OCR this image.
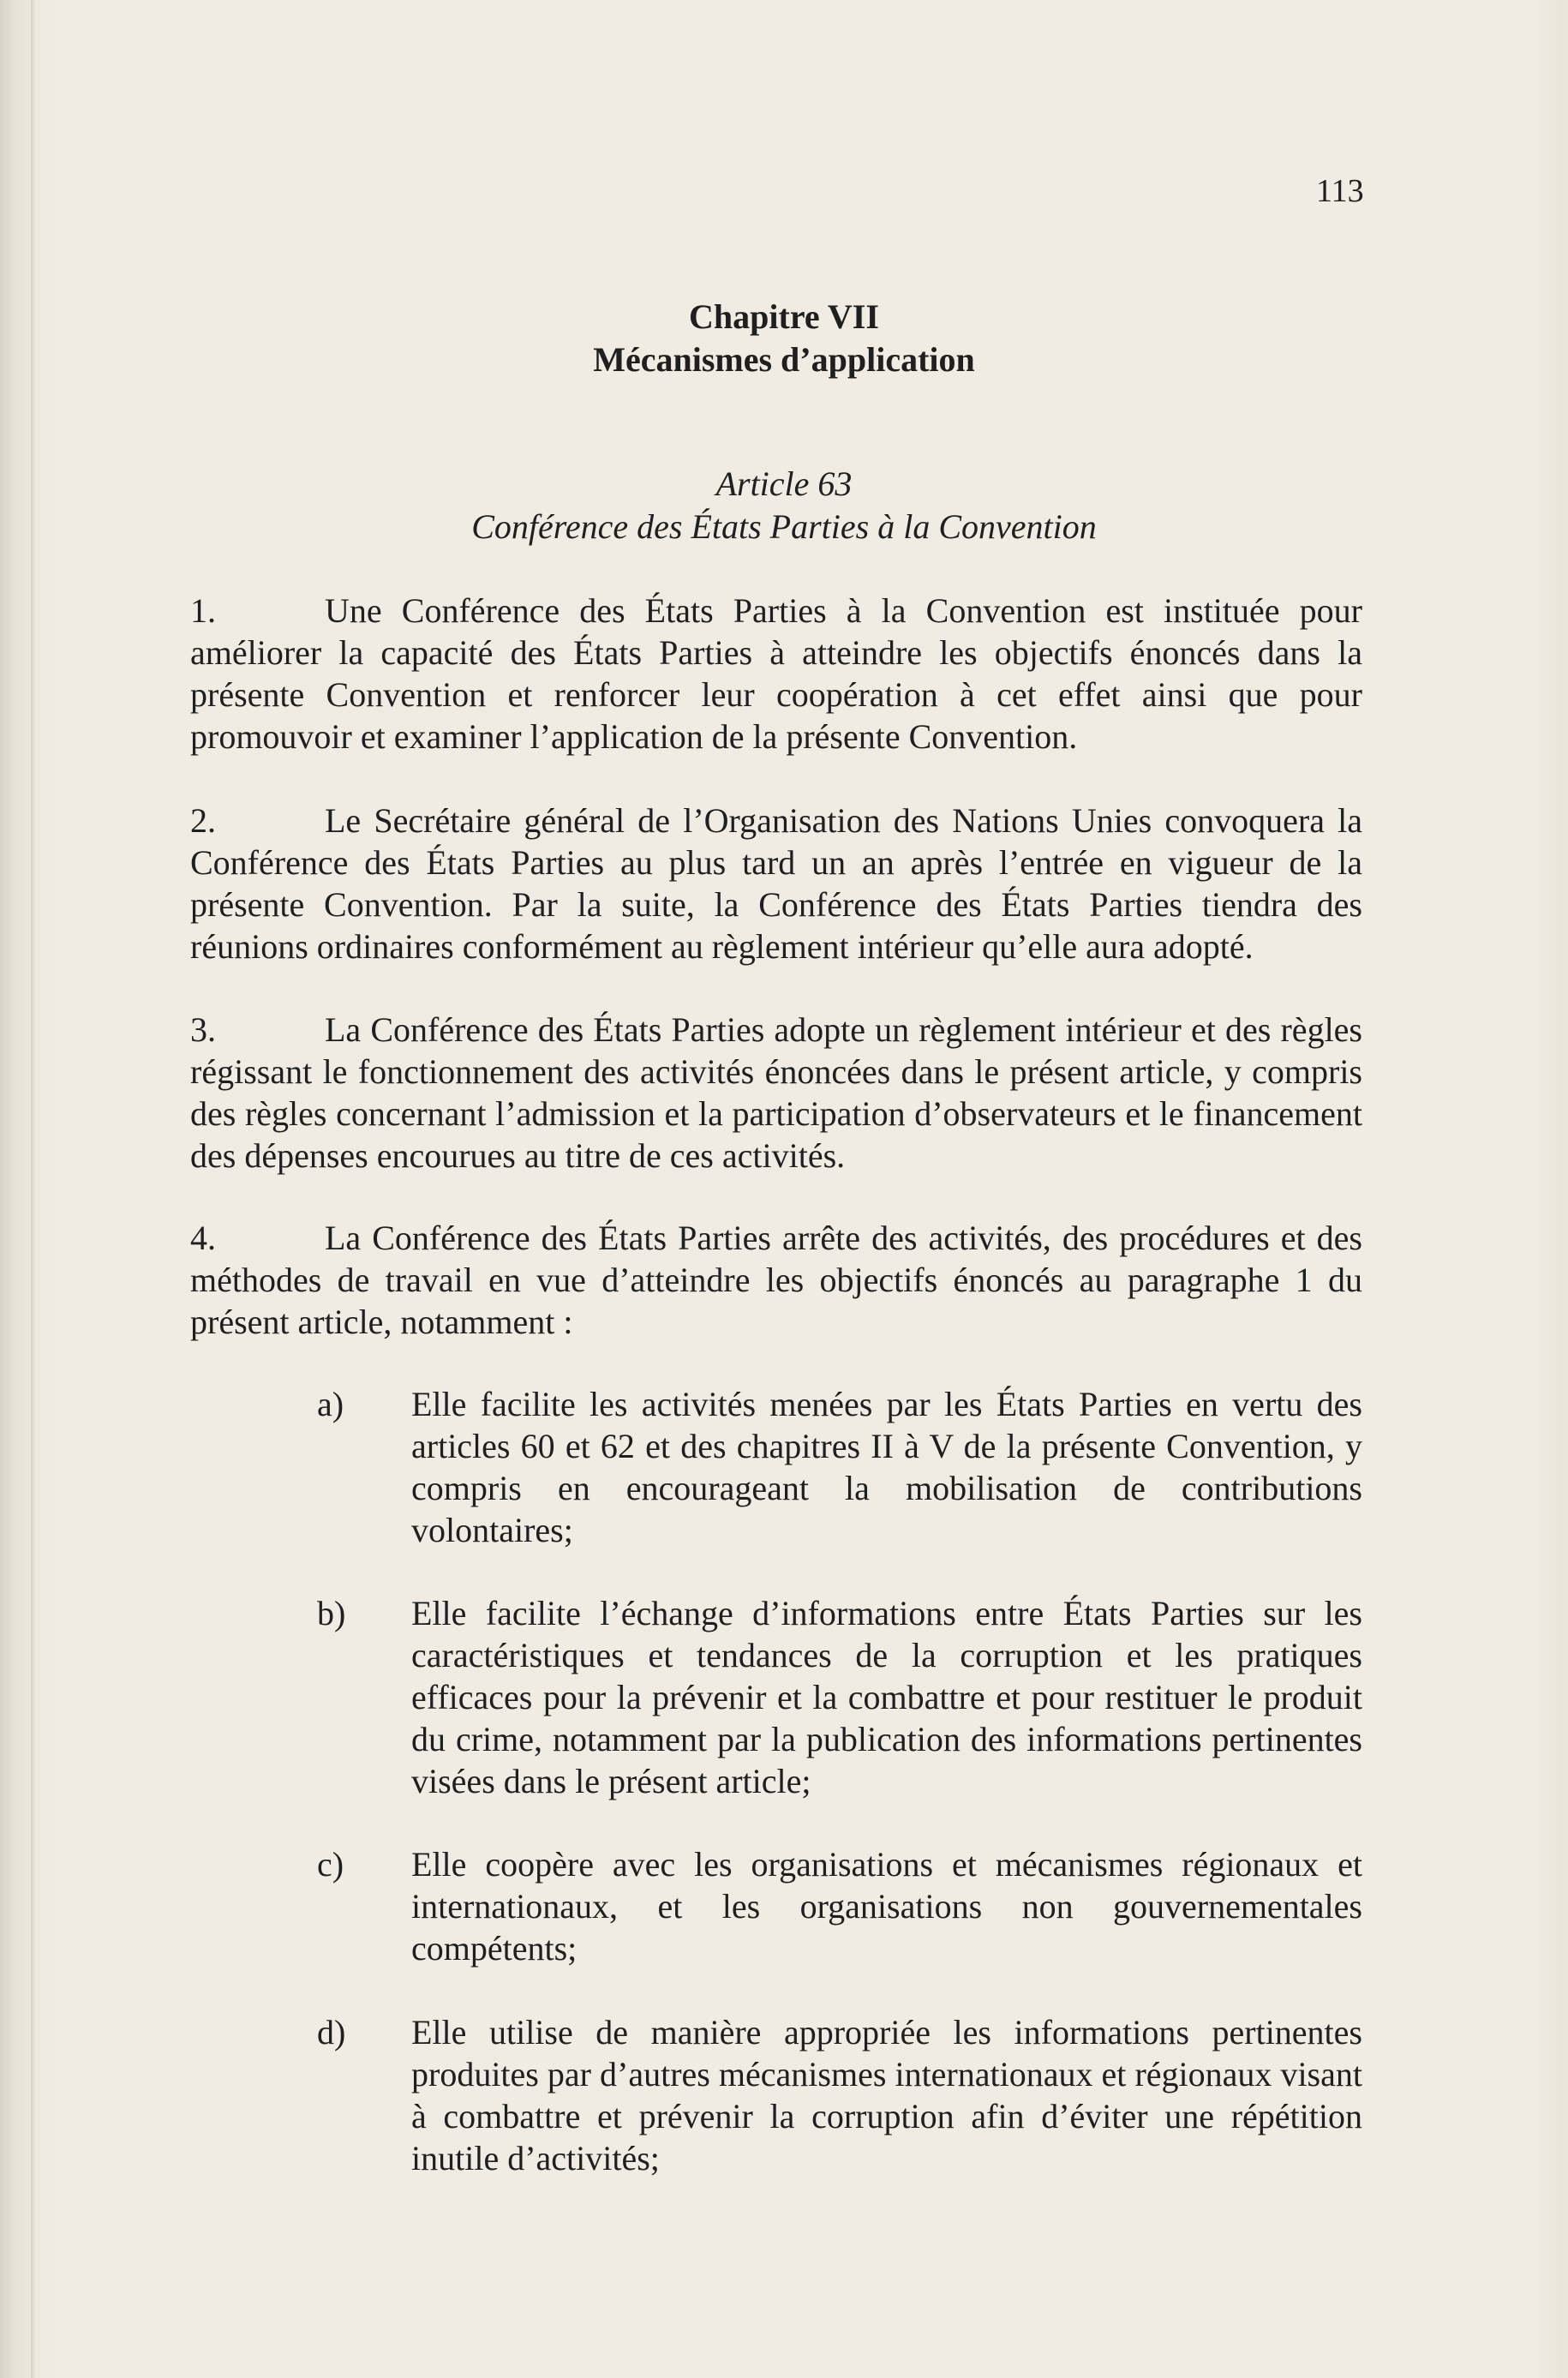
113
Chapitre VII
Mécanismes d’application
Article 63
Conférence des États Parties à la Convention
1.	Une Conférence des États Parties à la Convention est instituée pour améliorer la capacité des États Parties à atteindre les objectifs énoncés dans la présente Convention et renforcer leur coopération à cet effet ainsi que pour promouvoir et examiner l’application de la présente Convention.
2.	Le Secrétaire général de l’Organisation des Nations Unies convoquera la Conférence des États Parties au plus tard un an après l’entrée en vigueur de la présente Convention. Par la suite, la Conférence des États Parties tiendra des réunions ordinaires conformément au règlement intérieur qu’elle aura adopté.
3.	La Conférence des États Parties adopte un règlement intérieur et des règles régissant le fonctionnement des activités énoncées dans le présent article, y compris des règles concernant l’admission et la participation d’observateurs et le financement des dépenses encourues au titre de ces activités.
4.	La Conférence des États Parties arrête des activités, des procédures et des méthodes de travail en vue d’atteindre les objectifs énoncés au paragraphe 1 du présent article, notamment :
a)	Elle facilite les activités menées par les États Parties en vertu des articles 60 et 62 et des chapitres II à V de la présente Convention, y compris en encourageant la mobilisation de contributions volontaires;
b)	Elle facilite l’échange d’informations entre États Parties sur les caractéristiques et tendances de la corruption et les pratiques efficaces pour la prévenir et la combattre et pour restituer le produit du crime, notamment par la publication des informations pertinentes visées dans le présent article;
c)	Elle coopère avec les organisations et mécanismes régionaux et internationaux, et les organisations non gouvernementales compétents;
d)	Elle utilise de manière appropriée les informations pertinentes produites par d’autres mécanismes internationaux et régionaux visant à combattre et prévenir la corruption afin d’éviter une répétition inutile d’activités;
